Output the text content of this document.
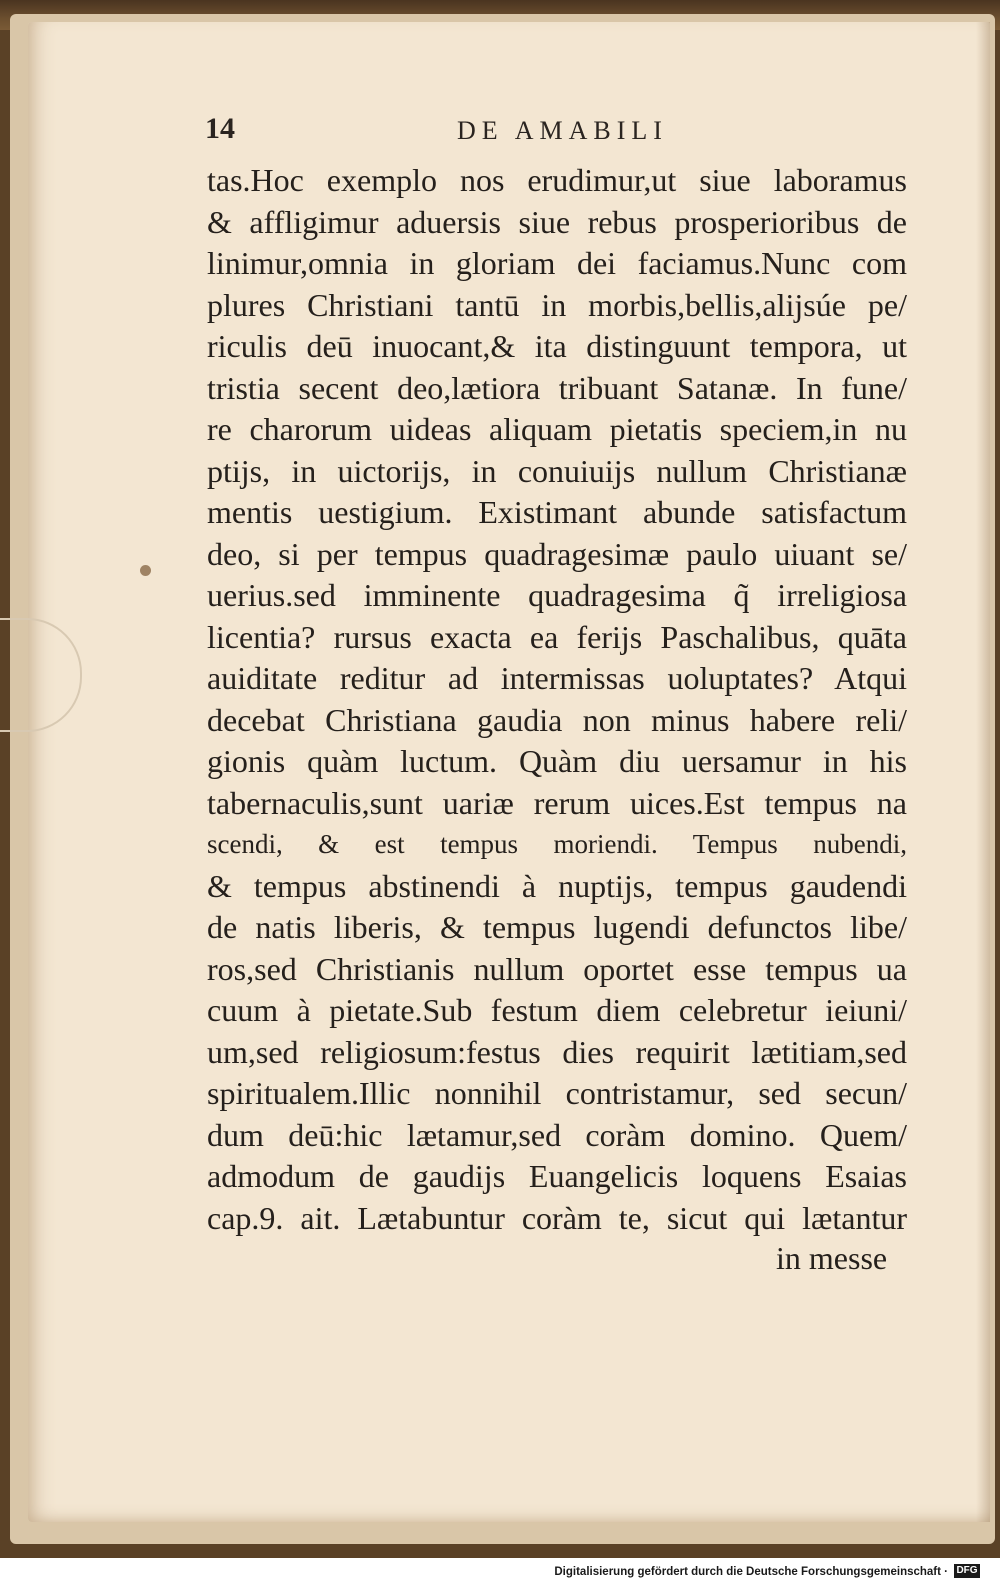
14	DE AMABILI
tas.Hoc exemplo nos erudimur,ut siue laboramus
& affligimur aduersis siue rebus prosperioribus de
linimur,omnia in gloriam dei faciamus.Nunc com
plures Christiani tantū in morbis,bellis,alijsúe pe/
riculis deū inuocant,& ita distinguunt tempora, ut
tristia secent deo,lætiora tribuant Satanæ. In fune/
re charorum uideas aliquam pietatis speciem,in nu
ptijs, in uictorijs, in conuiuijs nullum Christianæ
mentis uestigium. Existimant abunde satisfactum
deo, si per tempus quadragesimæ paulo uiuant se/
uerius.sed imminente quadragesima q̃ irreligiosa
licentia? rursus exacta ea ferijs Paschalibus, quāta
auiditate reditur ad intermissas uoluptates? Atqui
decebat Christiana gaudia non minus habere reli/
gionis quàm luctum. Quàm diu uersamur in his
tabernaculis,sunt uariæ rerum uices.Est tempus na
scendi, & est tempus moriendi. Tempus nubendi,
& tempus abstinendi à nuptijs, tempus gaudendi
de natis liberis, & tempus lugendi defunctos libe/
ros,sed Christianis nullum oportet esse tempus ua
cuum à pietate.Sub festum diem celebretur ieiuni/
um,sed religiosum:festus dies requirit lætitiam,sed
spiritualem.Illic nonnihil contristamur, sed secun/
dum deū:hic lætamur,sed coràm domino. Quem/
admodum de gaudijs Euangelicis loquens Esaias
cap.9. ait. Lætabuntur coràm te, sicut qui lætantur
in messe
Digitalisierung gefördert durch die Deutsche Forschungsgemeinschaft · DFG
